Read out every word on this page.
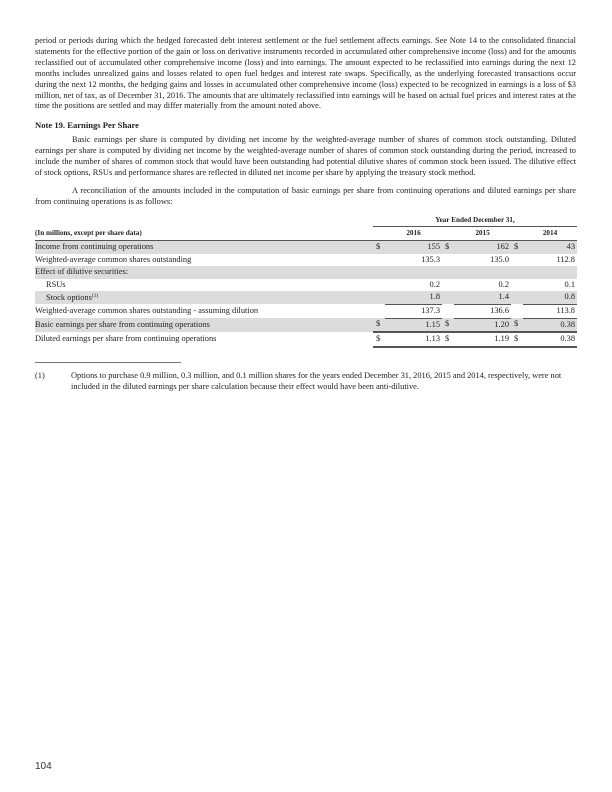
period or periods during which the hedged forecasted debt interest settlement or the fuel settlement affects earnings. See Note 14 to the consolidated financial statements for the effective portion of the gain or loss on derivative instruments recorded in accumulated other comprehensive income (loss) and for the amounts reclassified out of accumulated other comprehensive income (loss) and into earnings. The amount expected to be reclassified into earnings during the next 12 months includes unrealized gains and losses related to open fuel hedges and interest rate swaps. Specifically, as the underlying forecasted transactions occur during the next 12 months, the hedging gains and losses in accumulated other comprehensive income (loss) expected to be recognized in earnings is a loss of $3 million, net of tax, as of December 31, 2016. The amounts that are ultimately reclassified into earnings will be based on actual fuel prices and interest rates at the time the positions are settled and may differ materially from the amount noted above.

Note 19. Earnings Per Share

Basic earnings per share is computed by dividing net income by the weighted-average number of shares of common stock outstanding. Diluted earnings per share is computed by dividing net income by the weighted-average number of shares of common stock outstanding during the period, increased to include the number of shares of common stock that would have been outstanding had potential dilutive shares of common stock been issued. The dilutive effect of stock options, RSUs and performance shares are reflected in diluted net income per share by applying the treasury stock method.

A reconciliation of the amounts included in the computation of basic earnings per share from continuing operations and diluted earnings per share from continuing operations is as follows:

	Year Ended December 31,					
(In millions, except per share data)		2016		2015		2014
Income from continuing operations	$	155	$	162	$	43
Weighted-average common shares outstanding		135.3		135.0		112.8
Effect of dilutive securities:						
RSUs		0.2		0.2		0.1
Stock options$^{(1)}$		1.8		1.4		0.8
Weighted-average common shares outstanding - assuming dilution		137.3		136.6		113.8
Basic earnings per share from continuing operations	$	1.15	$	1.20	$	0.38
Diluted earnings per share from continuing operations	$	1.13	$	1.19	$	0.38
(1)	Options to purchase 0.9 million, 0.3 million, and 0.1 million shares for the years ended December 31, 2016, 2015 and 2014, respectively, were not included in the diluted earnings per share calculation because their effect would have been anti-dilutive.
104
